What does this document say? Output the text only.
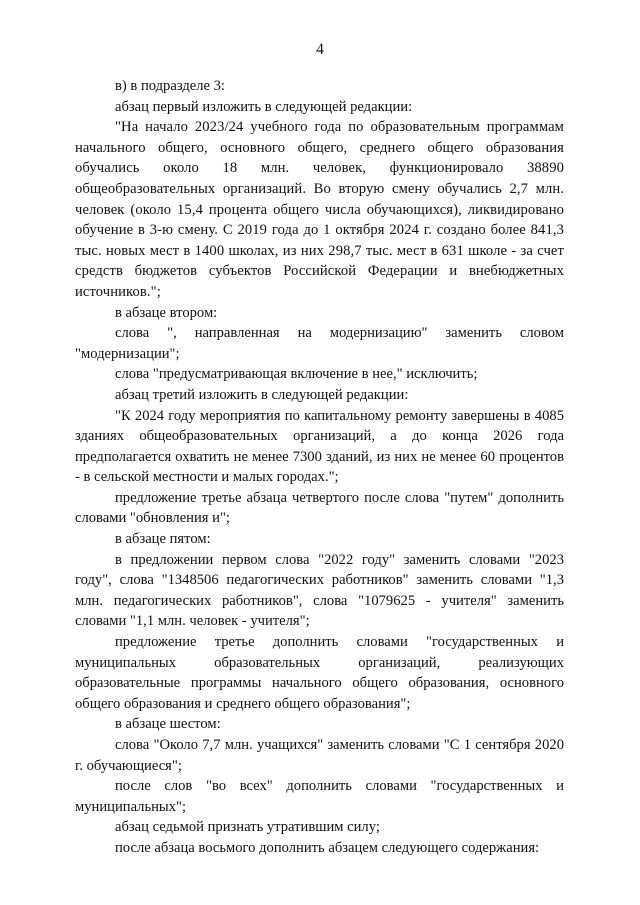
4

в) в подразделе 3:

абзац первый изложить в следующей редакции:

"На начало 2023/24 учебного года по образовательным программам начального общего, основного общего, среднего общего образования обучались около 18 млн. человек, функционировало 38890 общеобразовательных организаций. Во вторую смену обучались 2,7 млн. человек (около 15,4 процента общего числа обучающихся), ликвидировано обучение в 3-ю смену. С 2019 года до 1 октября 2024 г. создано более 841,3 тыс. новых мест в 1400 школах, из них 298,7 тыс. мест в 631 школе - за счет средств бюджетов субъектов Российской Федерации и внебюджетных источников.";

в абзаце втором:

слова ", направленная на модернизацию" заменить словом "модернизации";

слова "предусматривающая включение в нее," исключить;

абзац третий изложить в следующей редакции:

"К 2024 году мероприятия по капитальному ремонту завершены в 4085 зданиях общеобразовательных организаций, а до конца 2026 года предполагается охватить не менее 7300 зданий, из них не менее 60 процентов - в сельской местности и малых городах.";

предложение третье абзаца четвертого после слова "путем" дополнить словами "обновления и";

в абзаце пятом:

в предложении первом слова "2022 году" заменить словами "2023 году", слова "1348506 педагогических работников" заменить словами "1,3 млн. педагогических работников", слова "1079625 - учителя" заменить словами "1,1 млн. человек - учителя";

предложение третье дополнить словами "государственных и муниципальных образовательных организаций, реализующих образовательные программы начального общего образования, основного общего образования и среднего общего образования";

в абзаце шестом:

слова "Около 7,7 млн. учащихся" заменить словами "С 1 сентября 2020 г. обучающиеся";

после слов "во всех" дополнить словами "государственных и муниципальных";

абзац седьмой признать утратившим силу;

после абзаца восьмого дополнить абзацем следующего содержания:
